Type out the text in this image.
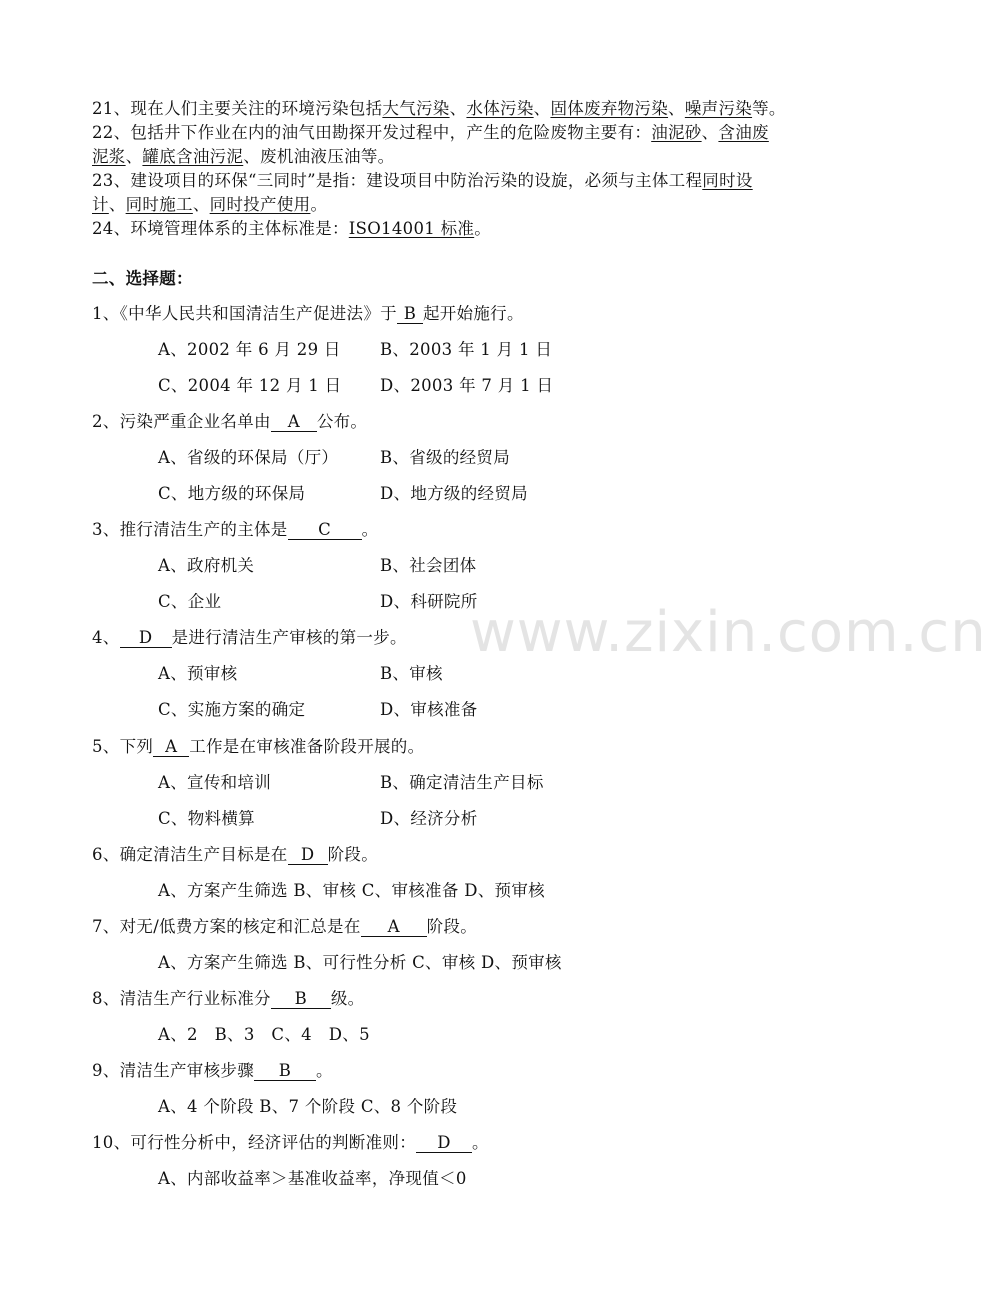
21、现在人们主要关注的环境污染包括大气污染、水体污染、固体废弃物污染、噪声污染等。
22、包括井下作业在内的油气田勘探开发过程中，产生的危险废物主要有：油泥砂、含油废
泥浆、罐底含油污泥、废机油液压油等。
23、建设项目的环保“三同时”是指：建设项目中防治污染的设旋，必须与主体工程同时设
计、同时施工、同时投产使用。
24、环境管理体系的主体标准是：ISO14001 标准。
二、选择题：
1、《中华人民共和国清洁生产促进法》于 B 起开始施行。
A、2002 年 6 月 29 日 B、2003 年 1 月 1 日
C、2004 年 12 月 1 日 D、2003 年 7 月 1 日
2、污染严重企业名单由 A 公布。
A、省级的环保局（厅）	B、省级的经贸局
C、地方级的环保局	D、地方级的经贸局
3、推行清洁生产的主体是 C 。
A、政府机关	B、社会团体
C、企业	D、科研院所
4、 D 是进行清洁生产审核的第一步。
A、预审核	B、审核
C、实施方案的确定	D、审核准备
5、下列 A 工作是在审核准备阶段开展的。
A、宣传和培训	B、确定清洁生产目标
C、物料横算	D、经济分析
6、确定清洁生产目标是在 D 阶段。
A、方案产生筛选 B、审核 C、审核准备 D、预审核
7、对无/低费方案的核定和汇总是在 A 阶段。
A、方案产生筛选 B、可行性分析 C、审核 D、预审核
8、清洁生产行业标准分 B 级。
A、2　B、3　C、4　D、5
9、清洁生产审核步骤 B 。
A、4 个阶段 B、7 个阶段 C、8 个阶段
10、可行性分析中，经济评估的判断准则： D 。
A、内部收益率＞基准收益率，净现值＜0
www.zixin.com.cn
